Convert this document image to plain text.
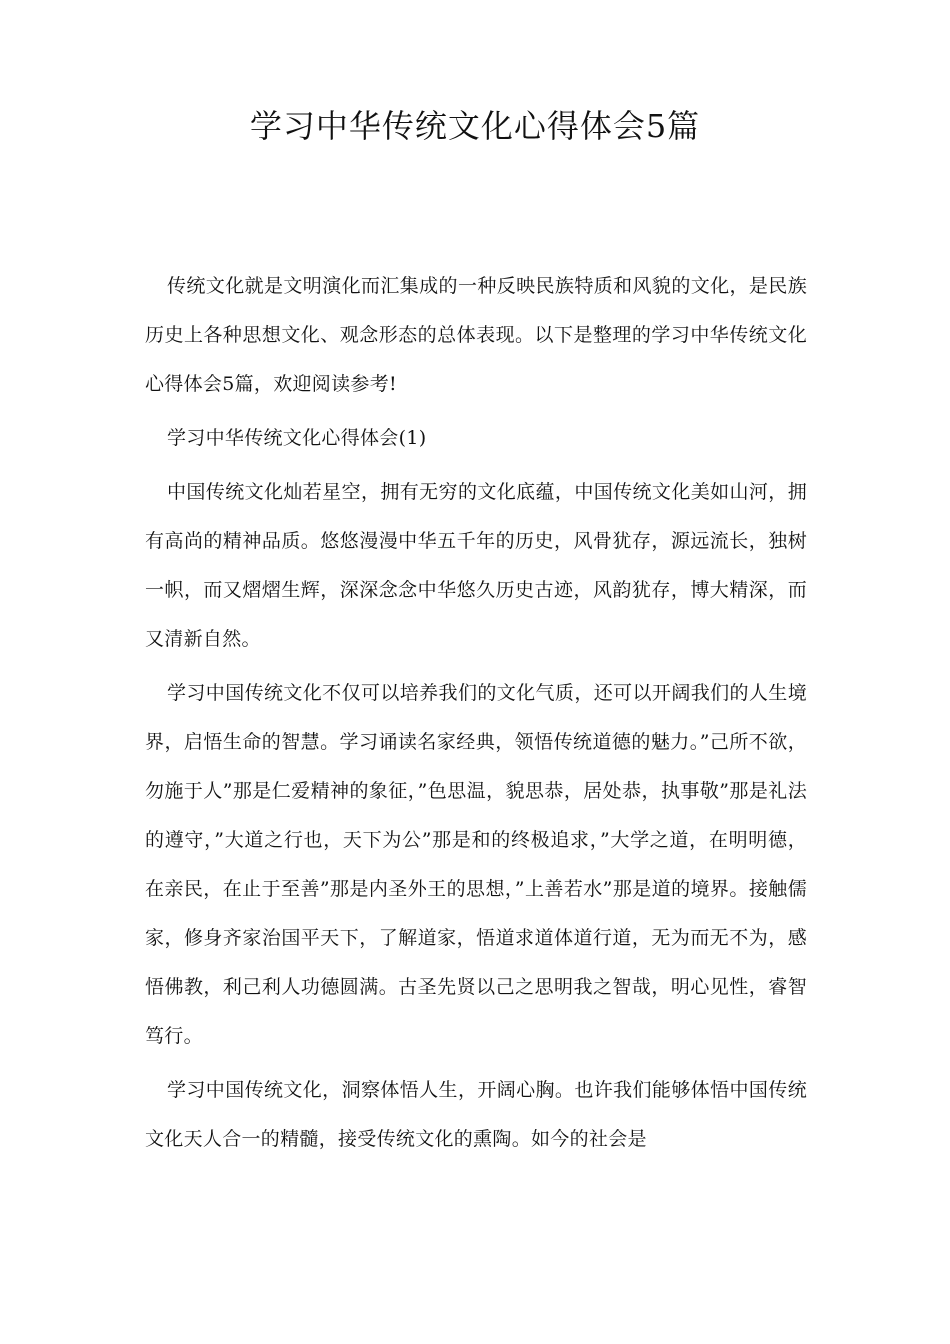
学习中华传统文化心得体会5篇

传统文化就是文明演化而汇集成的一种反映民族特质和风貌的文化，是民族历史上各种思想文化、观念形态的总体表现。以下是整理的学习中华传统文化心得体会5篇，欢迎阅读参考!

学习中华传统文化心得体会(1)

中国传统文化灿若星空，拥有无穷的文化底蕴，中国传统文化美如山河，拥有高尚的精神品质。悠悠漫漫中华五千年的历史，风骨犹存，源远流长，独树一帜，而又熠熠生辉，深深念念中华悠久历史古迹，风韵犹存，博大精深，而又清新自然。

学习中国传统文化不仅可以培养我们的文化气质，还可以开阔我们的人生境界，启悟生命的智慧。学习诵读名家经典，领悟传统道德的魅力。”己所不欲，勿施于人”那是仁爱精神的象征，”色思温，貌思恭，居处恭，执事敬”那是礼法的遵守，”大道之行也，天下为公”那是和的终极追求，”大学之道，在明明德，在亲民，在止于至善”那是内圣外王的思想，”上善若水”那是道的境界。接触儒家，修身齐家治国平天下，了解道家，悟道求道体道行道，无为而无不为，感悟佛教，利己利人功德圆满。古圣先贤以己之思明我之智哉，明心见性，睿智笃行。

学习中国传统文化，洞察体悟人生，开阔心胸。也许我们能够体悟中国传统文化天人合一的精髓，接受传统文化的熏陶。如今的社会是
